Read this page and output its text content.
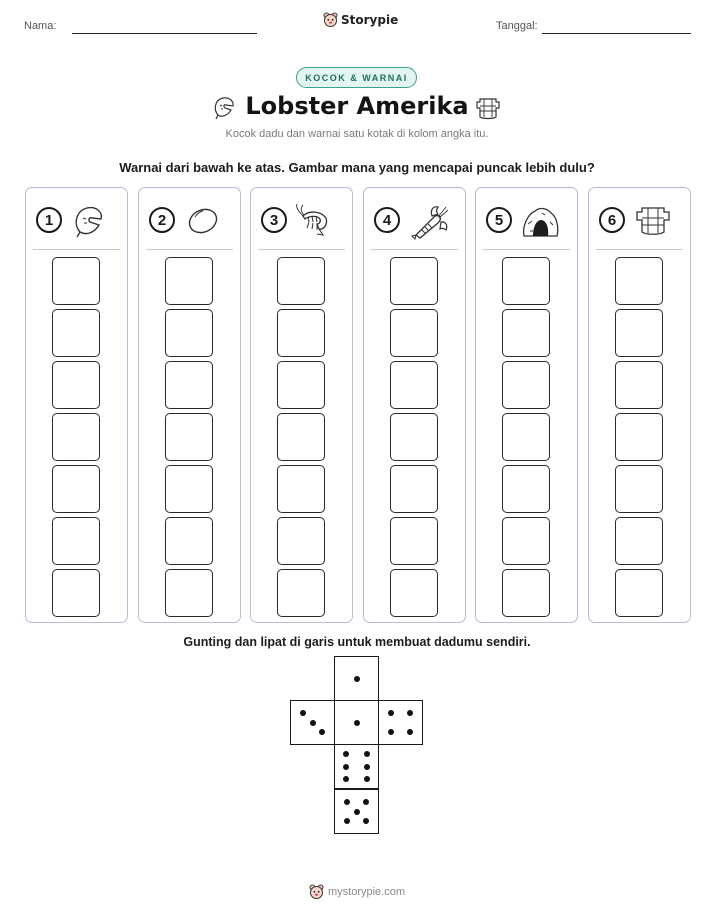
Nama:	Storypie	Tanggal:
KOCOK & WARNAI
Lobster Amerika
Kocok dadu dan warnai satu kotak di kolom angka itu.
Warnai dari bawah ke atas. Gambar mana yang mencapai puncak lebih dulu?
1	2	3	4	5	6
Gunting dan lipat di garis untuk membuat dadumu sendiri.
mystorypie.com
